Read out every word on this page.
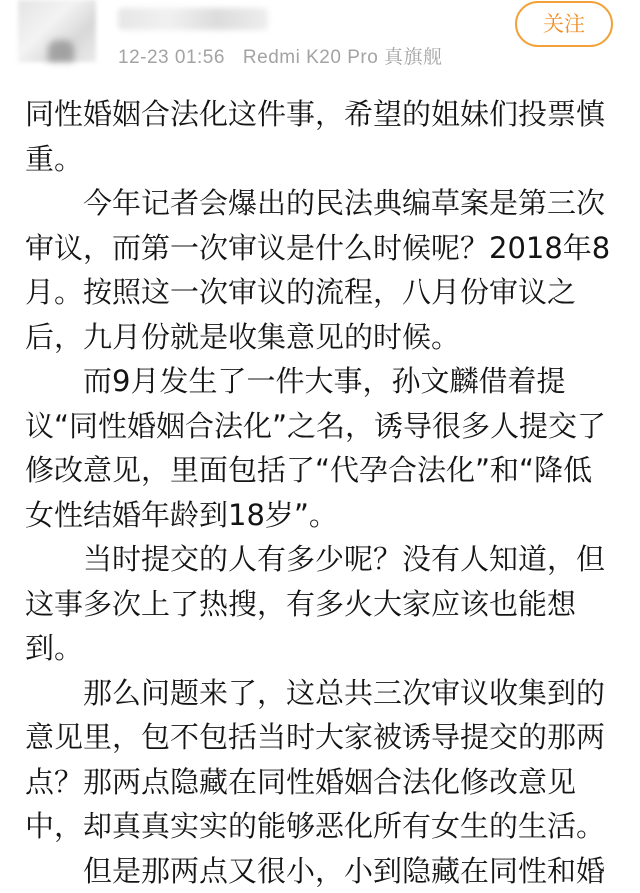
12-23 01:56 Redmi K20 Pro 真旗舰
关注

同性婚姻合法化这件事，希望的姐妹们投票慎重。

今年记者会爆出的民法典编草案是第三次审议，而第一次审议是什么时候呢？2018年8月。按照这一次审议的流程，八月份审议之后，九月份就是收集意见的时候。

而9月发生了一件大事，孙文麟借着提议“同性婚姻合法化”之名，诱导很多人提交了修改意见，里面包括了“代孕合法化”和“降低女性结婚年龄到18岁”。

当时提交的人有多少呢？没有人知道，但这事多次上了热搜，有多火大家应该也能想到。

那么问题来了，这总共三次审议收集到的意见里，包不包括当时大家被诱导提交的那两点？那两点隐藏在同性婚姻合法化修改意见中，却真真实实的能够恶化所有女生的生活。

但是那两点又很小，小到隐藏在同性和婚
